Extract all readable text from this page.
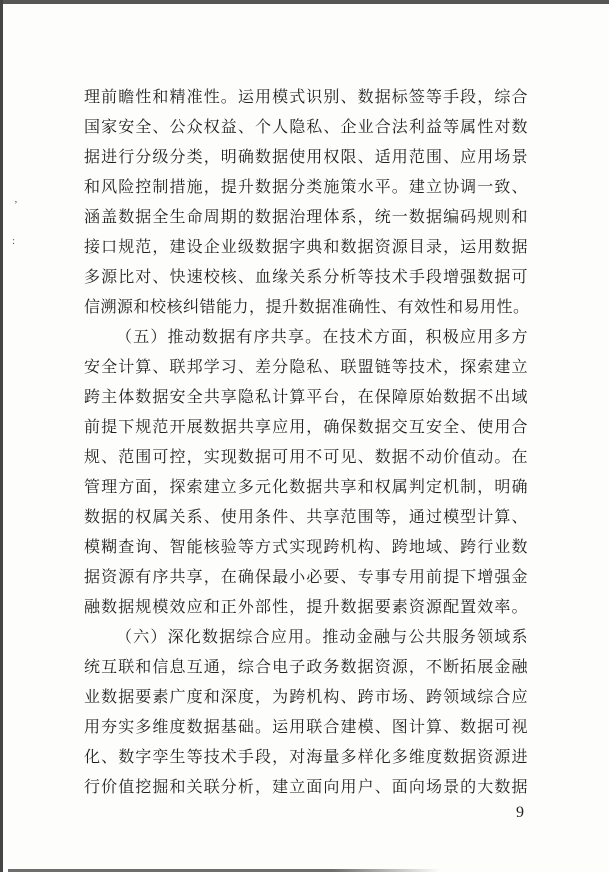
理前瞻性和精准性。运用模式识别、数据标签等手段，综合
国家安全、公众权益、个人隐私、企业合法利益等属性对数
据进行分级分类，明确数据使用权限、适用范围、应用场景
和风险控制措施，提升数据分类施策水平。建立协调一致、
涵盖数据全生命周期的数据治理体系，统一数据编码规则和
接口规范，建设企业级数据字典和数据资源目录，运用数据
多源比对、快速校核、血缘关系分析等技术手段增强数据可
信溯源和校核纠错能力，提升数据准确性、有效性和易用性。
（五）推动数据有序共享。在技术方面，积极应用多方
安全计算、联邦学习、差分隐私、联盟链等技术，探索建立
跨主体数据安全共享隐私计算平台，在保障原始数据不出域
前提下规范开展数据共享应用，确保数据交互安全、使用合
规、范围可控，实现数据可用不可见、数据不动价值动。在
管理方面，探索建立多元化数据共享和权属判定机制，明确
数据的权属关系、使用条件、共享范围等，通过模型计算、
模糊查询、智能核验等方式实现跨机构、跨地域、跨行业数
据资源有序共享，在确保最小必要、专事专用前提下增强金
融数据规模效应和正外部性，提升数据要素资源配置效率。
（六）深化数据综合应用。推动金融与公共服务领域系
统互联和信息互通，综合电子政务数据资源，不断拓展金融
业数据要素广度和深度，为跨机构、跨市场、跨领域综合应
用夯实多维度数据基础。运用联合建模、图计算、数据可视
化、数字孪生等技术手段，对海量多样化多维度数据资源进
行价值挖掘和关联分析，建立面向用户、面向场景的大数据
9
’
:
